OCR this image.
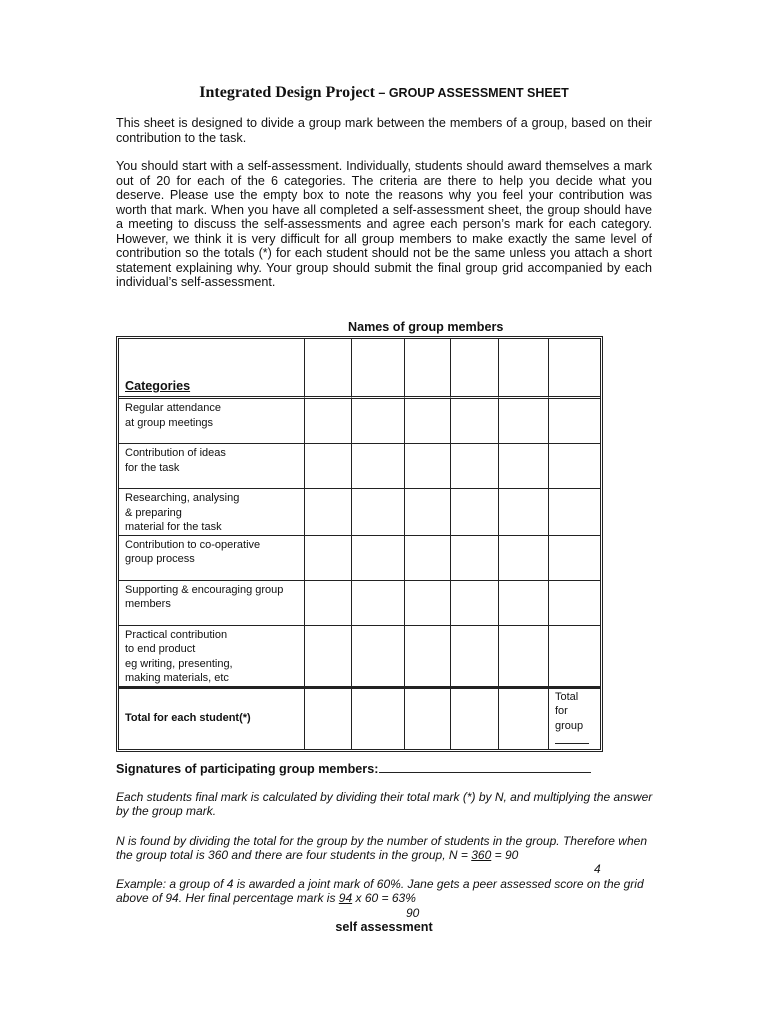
Integrated Design Project – GROUP ASSESSMENT SHEET

This sheet is designed to divide a group mark between the members of a group, based on their contribution to the task.

You should start with a self-assessment. Individually, students should award themselves a mark out of 20 for each of the 6 categories. The criteria are there to help you decide what you deserve. Please use the empty box to note the reasons why you feel your contribution was worth that mark. When you have all completed a self-assessment sheet, the group should have a meeting to discuss the self-assessments and agree each person’s mark for each category. However, we think it is very difficult for all group members to make exactly the same level of contribution so the totals (*) for each student should not be the same unless you attach a short statement explaining why. Your group should submit the final group grid accompanied by each individual’s self-assessment.

Names of group members
Categories						

Regular attendance
at group meetings						

Contribution of ideas
for the task						

Researching, analysing
& preparing
material for the task						

Contribution to co-operative
group process						

Supporting & encouraging group
members						

Practical contribution
to end product
eg writing, presenting,
making materials, etc						

Total for each student(*)						Total
for
group
Signatures of participating group members:

Each students final mark is calculated by dividing their total mark (*) by N, and multiplying the answer by the group mark.

N is found by dividing the total for the group by the number of students in the group. Therefore when the group total is 360 and there are four students in the group, N = 360 = 90

4

Example: a group of 4 is awarded a joint mark of 60%. Jane gets a peer assessed score on the grid above of 94. Her final percentage mark is 94 x 60 = 63%

90
self assessment
